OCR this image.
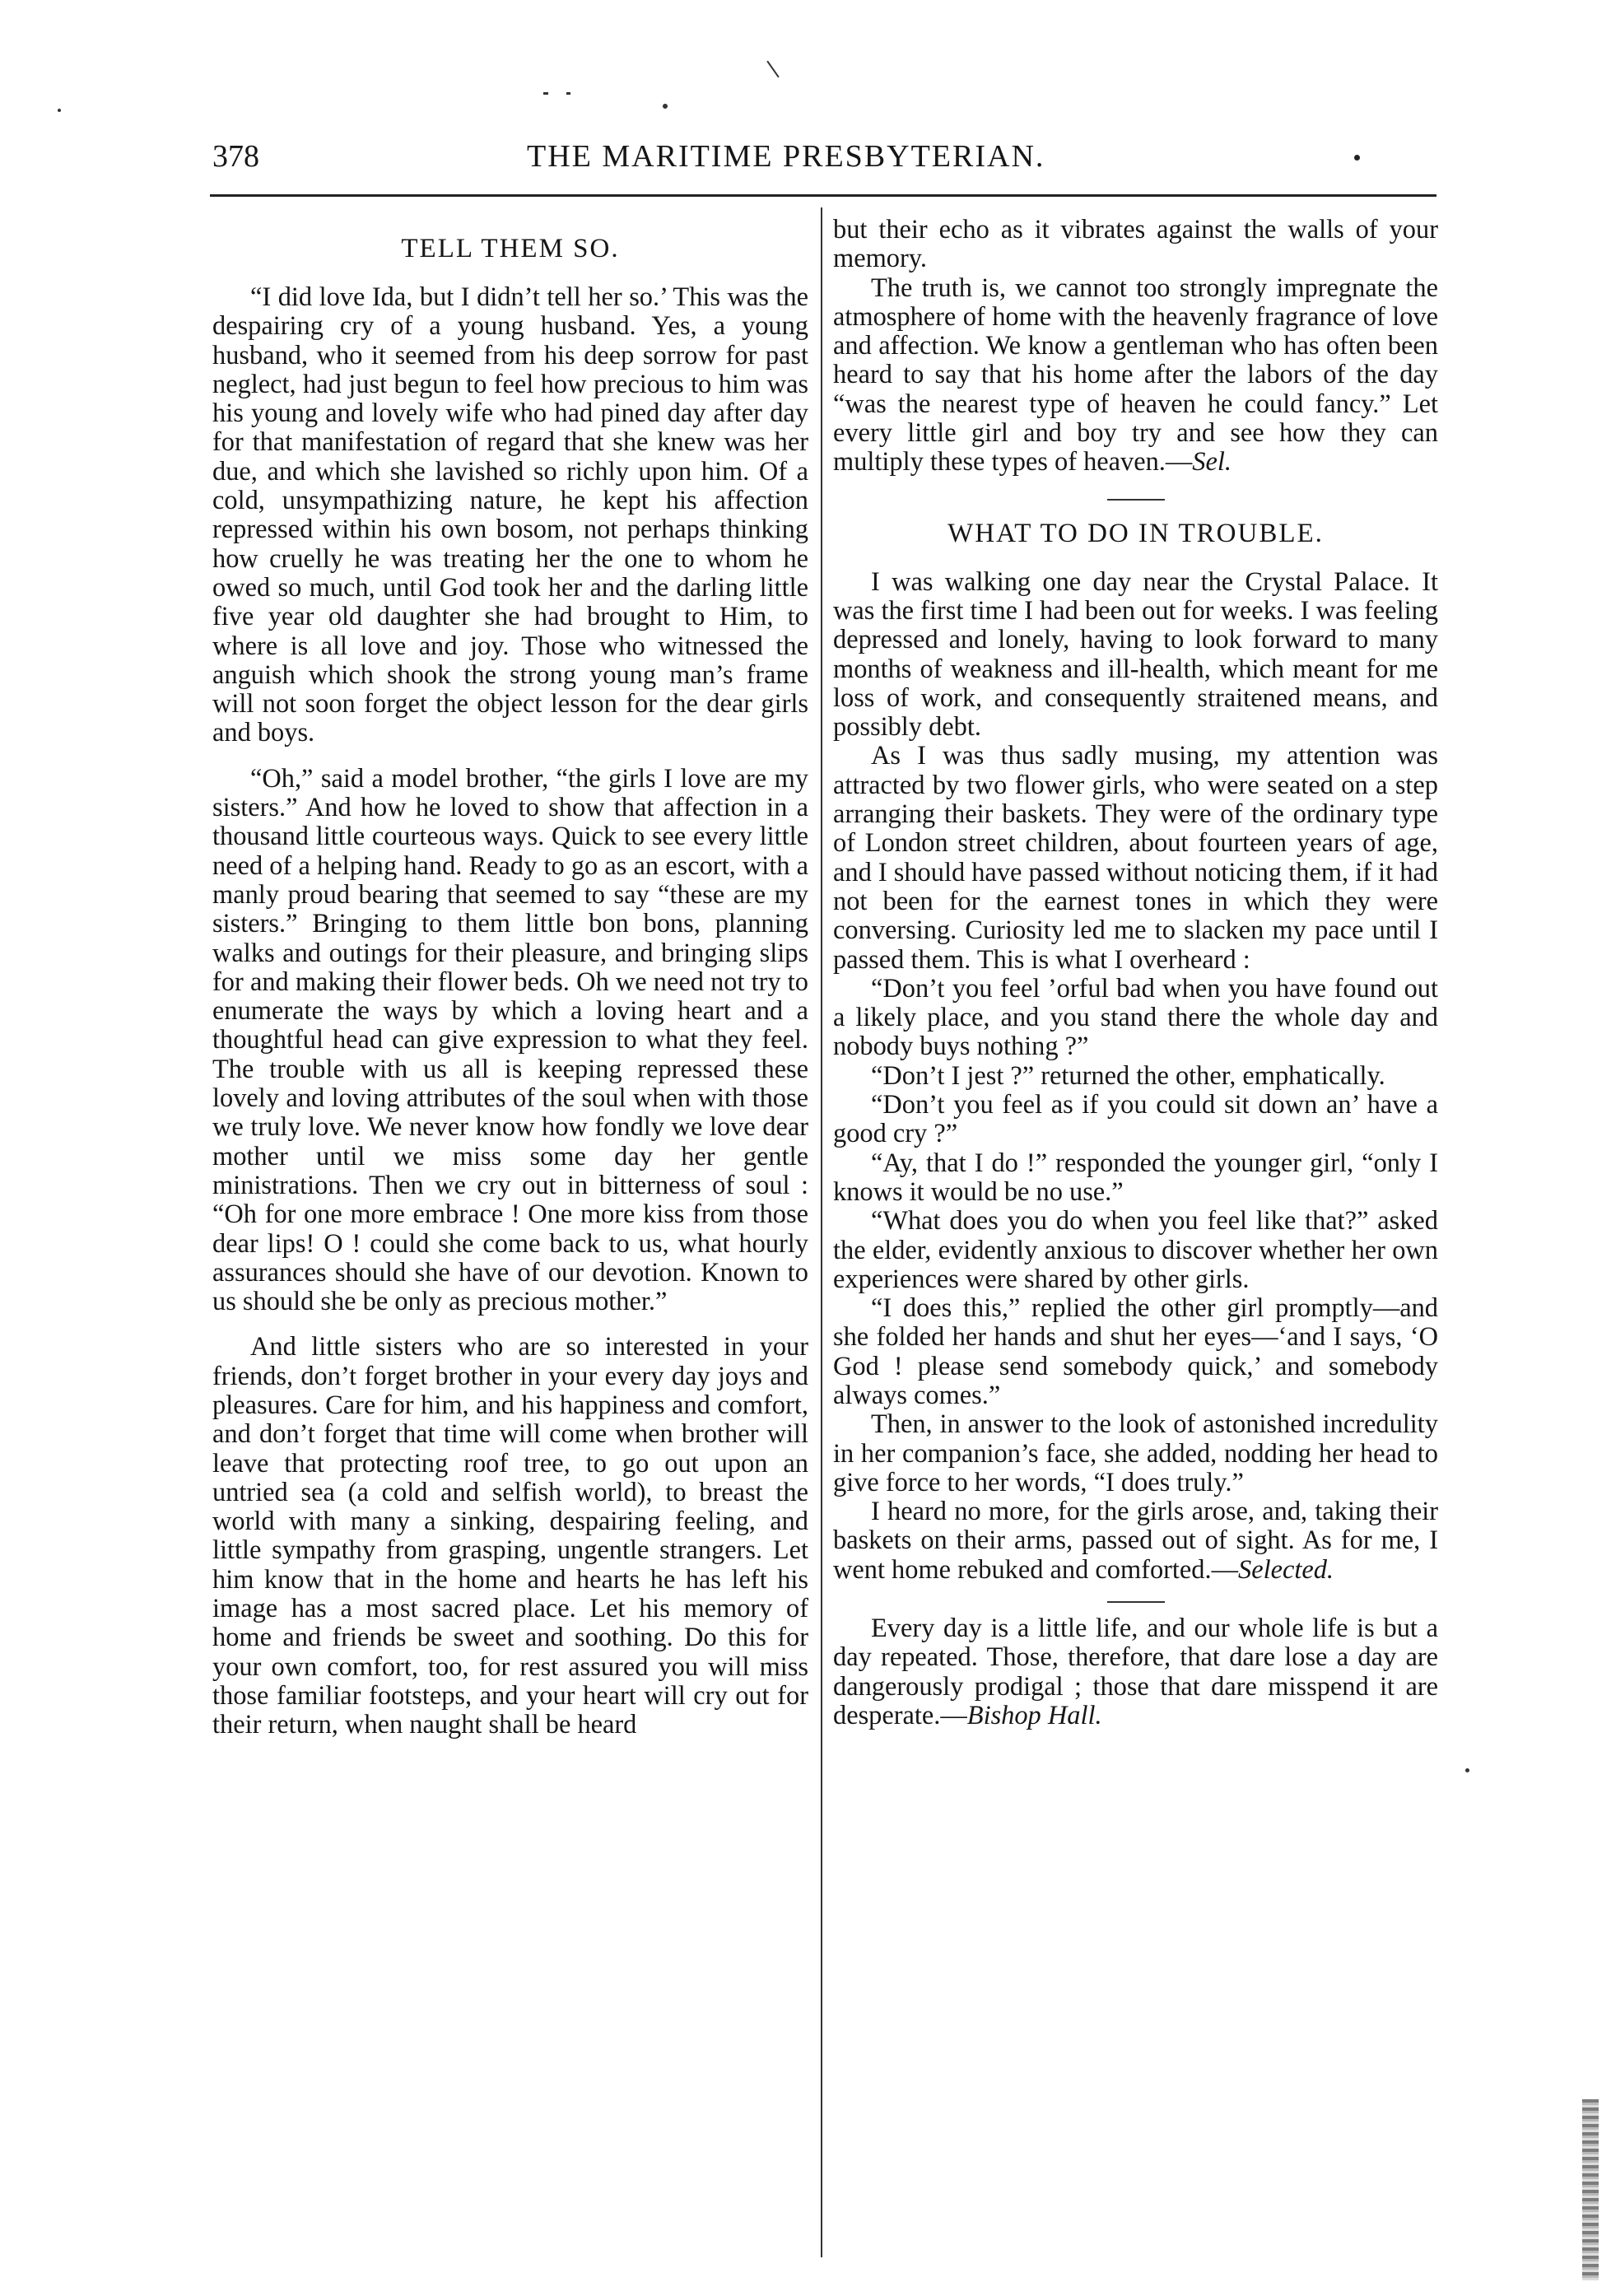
378	THE MARITIME PRESBYTERIAN.
TELL THEM SO.

“I did love Ida, but I didn’t tell her so.’ This was the despairing cry of a young husband. Yes, a young husband, who it seemed from his deep sorrow for past neglect, had just begun to feel how precious to him was his young and lovely wife who had pined day after day for that manifestation of regard that she knew was her due, and which she lavished so richly upon him. Of a cold, unsympathizing nature, he kept his affection repressed within his own bosom, not perhaps thinking how cruelly he was treating her the one to whom he owed so much, until God took her and the darling little five year old daughter she had brought to Him, to where is all love and joy. Those who witnessed the anguish which shook the strong young man’s frame will not soon forget the object lesson for the dear girls and boys.

“Oh,” said a model brother, “the girls I love are my sisters.” And how he loved to show that affection in a thousand little courteous ways. Quick to see every little need of a helping hand. Ready to go as an escort, with a manly proud bearing that seemed to say “these are my sisters.” Bringing to them little bon bons, planning walks and outings for their pleasure, and bringing slips for and making their flower beds. Oh we need not try to enumerate the ways by which a loving heart and a thoughtful head can give expression to what they feel. The trouble with us all is keeping repressed these lovely and loving attributes of the soul when with those we truly love. We never know how fondly we love dear mother until we miss some day her gentle ministrations. Then we cry out in bitterness of soul : “Oh for one more embrace ! One more kiss from those dear lips! O ! could she come back to us, what hourly assurances should she have of our devotion. Known to us should she be only as precious mother.”

And little sisters who are so interested in your friends, don’t forget brother in your every day joys and pleasures. Care for him, and his happiness and comfort, and don’t forget that time will come when brother will leave that protecting roof tree, to go out upon an untried sea (a cold and selfish world), to breast the world with many a sinking, despairing feeling, and little sympathy from grasping, ungentle strangers. Let him know that in the home and hearts he has left his image has a most sacred place. Let his memory of home and friends be sweet and soothing. Do this for your own comfort, too, for rest assured you will miss those familiar footsteps, and your heart will cry out for their return, when naught shall be heard

but their echo as it vibrates against the walls of your memory.

The truth is, we cannot too strongly impregnate the atmosphere of home with the heavenly fragrance of love and affection. We know a gentleman who has often been heard to say that his home after the labors of the day “was the nearest type of heaven he could fancy.” Let every little girl and boy try and see how they can multiply these types of heaven.—Sel.

WHAT TO DO IN TROUBLE.

I was walking one day near the Crystal Palace. It was the first time I had been out for weeks. I was feeling depressed and lonely, having to look forward to many months of weakness and ill-health, which meant for me loss of work, and consequently straitened means, and possibly debt.

As I was thus sadly musing, my attention was attracted by two flower girls, who were seated on a step arranging their baskets. They were of the ordinary type of London street children, about fourteen years of age, and I should have passed without noticing them, if it had not been for the earnest tones in which they were conversing. Curiosity led me to slacken my pace until I passed them. This is what I overheard :

“Don’t you feel ’orful bad when you have found out a likely place, and you stand there the whole day and nobody buys nothing ?”

“Don’t I jest ?” returned the other, emphatically.

“Don’t you feel as if you could sit down an’ have a good cry ?”

“Ay, that I do !” responded the younger girl, “only I knows it would be no use.”

“What does you do when you feel like that?” asked the elder, evidently anxious to discover whether her own experiences were shared by other girls.

“I does this,” replied the other girl promptly—and she folded her hands and shut her eyes—‘and I says, ‘O God ! please send somebody quick,’ and somebody always comes.”

Then, in answer to the look of astonished incredulity in her companion’s face, she added, nodding her head to give force to her words, “I does truly.”

I heard no more, for the girls arose, and, taking their baskets on their arms, passed out of sight. As for me, I went home rebuked and comforted.—Selected.

Every day is a little life, and our whole life is but a day repeated. Those, therefore, that dare lose a day are dangerously prodigal ; those that dare misspend it are desperate.—Bishop Hall.
